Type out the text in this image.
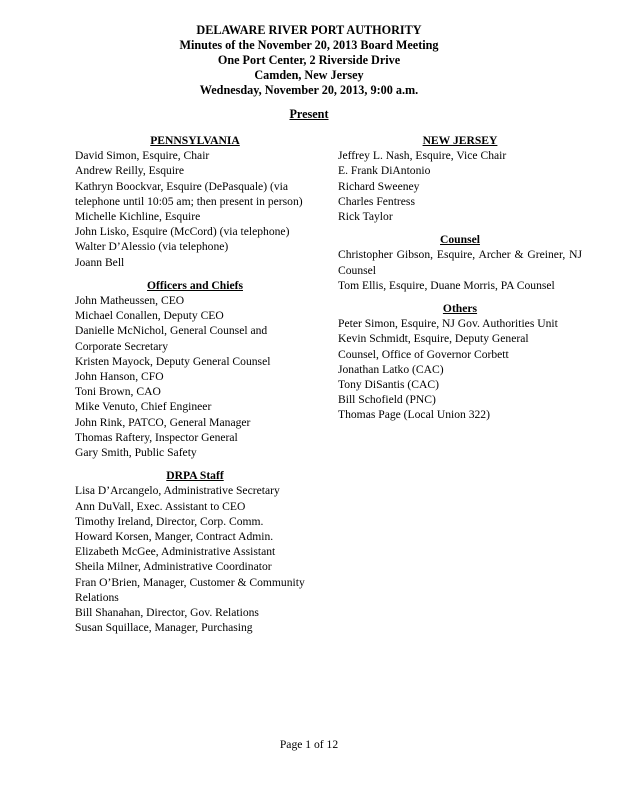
DELAWARE RIVER PORT AUTHORITY
Minutes of the November 20, 2013 Board Meeting
One Port Center, 2 Riverside Drive
Camden, New Jersey
Wednesday, November 20, 2013, 9:00 a.m.
Present
PENNSYLVANIA
David Simon, Esquire, Chair
Andrew Reilly, Esquire
Kathryn Boockvar, Esquire (DePasquale) (via telephone until 10:05 am; then present in person)
Michelle Kichline, Esquire
John Lisko, Esquire (McCord) (via telephone)
Walter D’Alessio (via telephone)
Joann Bell
Officers and Chiefs
John Matheussen, CEO
Michael Conallen, Deputy CEO
Danielle McNichol, General Counsel and Corporate Secretary
Kristen Mayock, Deputy General Counsel
John Hanson, CFO
Toni Brown, CAO
Mike Venuto, Chief Engineer
John Rink, PATCO, General Manager
Thomas Raftery, Inspector General
Gary Smith, Public Safety
DRPA Staff
Lisa D’Arcangelo, Administrative Secretary
Ann DuVall, Exec. Assistant to CEO
Timothy Ireland, Director, Corp. Comm.
Howard Korsen, Manger, Contract Admin.
Elizabeth McGee, Administrative Assistant
Sheila Milner, Administrative Coordinator
Fran O’Brien, Manager, Customer & Community Relations
Bill Shanahan, Director, Gov. Relations
Susan Squillace, Manager, Purchasing
NEW JERSEY
Jeffrey L. Nash, Esquire, Vice Chair
E. Frank DiAntonio
Richard Sweeney
Charles Fentress
Rick Taylor
Counsel
Christopher Gibson, Esquire, Archer & Greiner, NJ Counsel
Tom Ellis, Esquire, Duane Morris, PA Counsel
Others
Peter Simon, Esquire, NJ Gov. Authorities Unit
Kevin Schmidt, Esquire, Deputy General Counsel, Office of Governor Corbett
Jonathan Latko (CAC)
Tony DiSantis (CAC)
Bill Schofield (PNC)
Thomas Page (Local Union 322)
Page 1 of 12
